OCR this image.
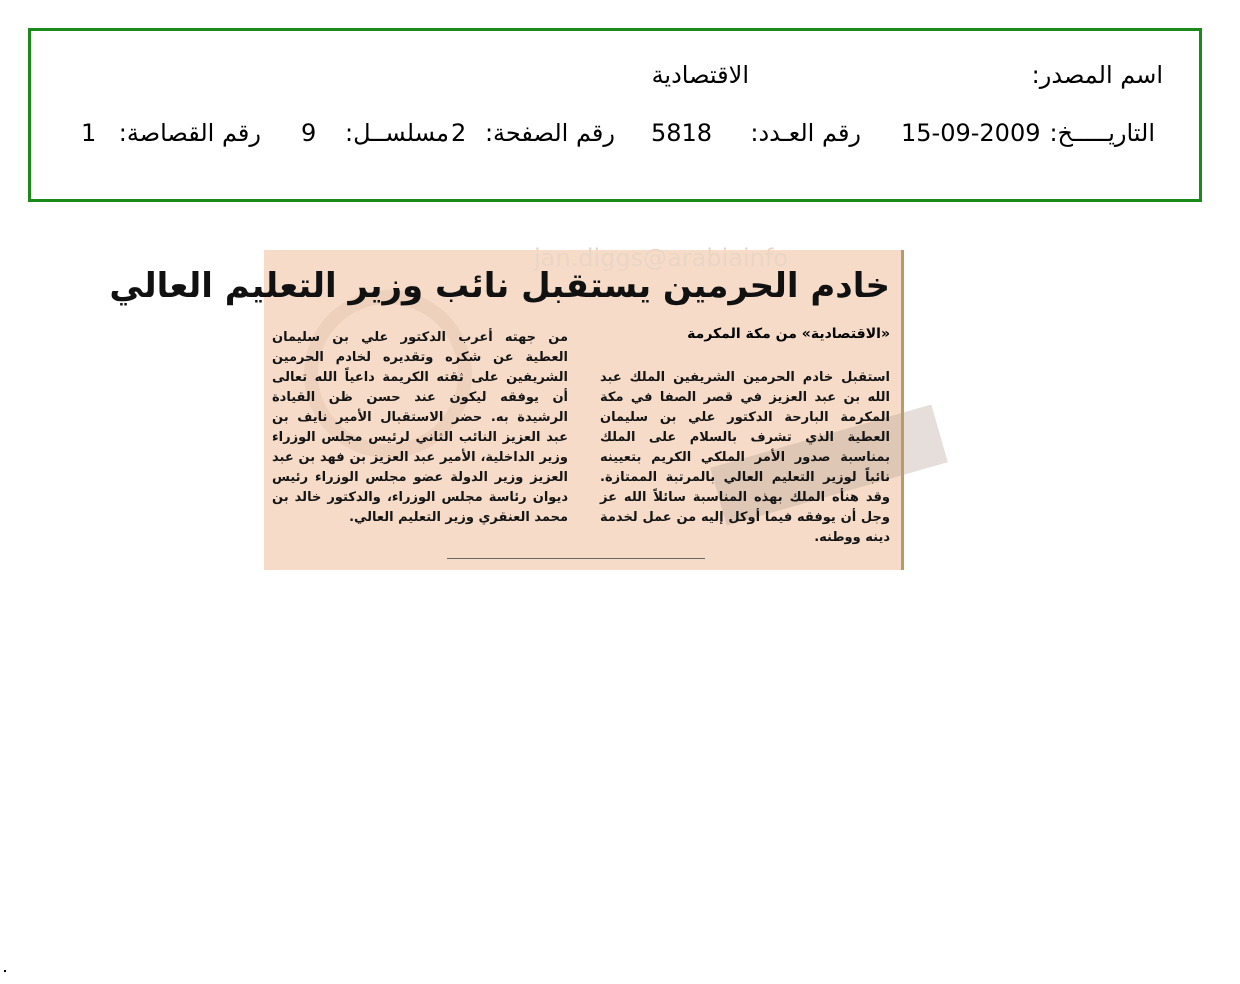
اسم المصدر:
الاقتصادية
التاريـــــخ:
15-09-2009
رقم العـدد:
5818
رقم الصفحة:
2
مسلســل:
9
رقم القصاصة:
1
jan.diggs@arabiainfo
خادم الحرمين يستقبل نائب وزير التعليم العالي
«الاقتصادية» من مكة المكرمة
استقبل خادم الحرمين الشريفين الملك عبد الله بن عبد العزيز في قصر الصفا في مكة المكرمة البارحة الدكتور علي بن سليمان العطية الذي تشرف بالسلام على الملك بمناسبة صدور الأمر الملكي الكريم بتعيينه نائباً لوزير التعليم العالي بالمرتبة الممتازة. وقد هنأه الملك بهذه المناسبة سائلاً الله عز وجل أن يوفقه فيما أوكل إليه من عمل لخدمة دينه ووطنه.
من جهته أعرب الدكتور علي بن سليمان العطية عن شكره وتقديره لخادم الحرمين الشريفين على ثقته الكريمة داعياً الله تعالى أن يوفقه ليكون عند حسن ظن القيادة الرشيدة به. حضر الاستقبال الأمير نايف بن عبد العزيز النائب الثاني لرئيس مجلس الوزراء وزير الداخلية، الأمير عبد العزيز بن فهد بن عبد العزيز وزير الدولة عضو مجلس الوزراء رئيس ديوان رئاسة مجلس الوزراء، والدكتور خالد بن محمد العنقري وزير التعليم العالي.
